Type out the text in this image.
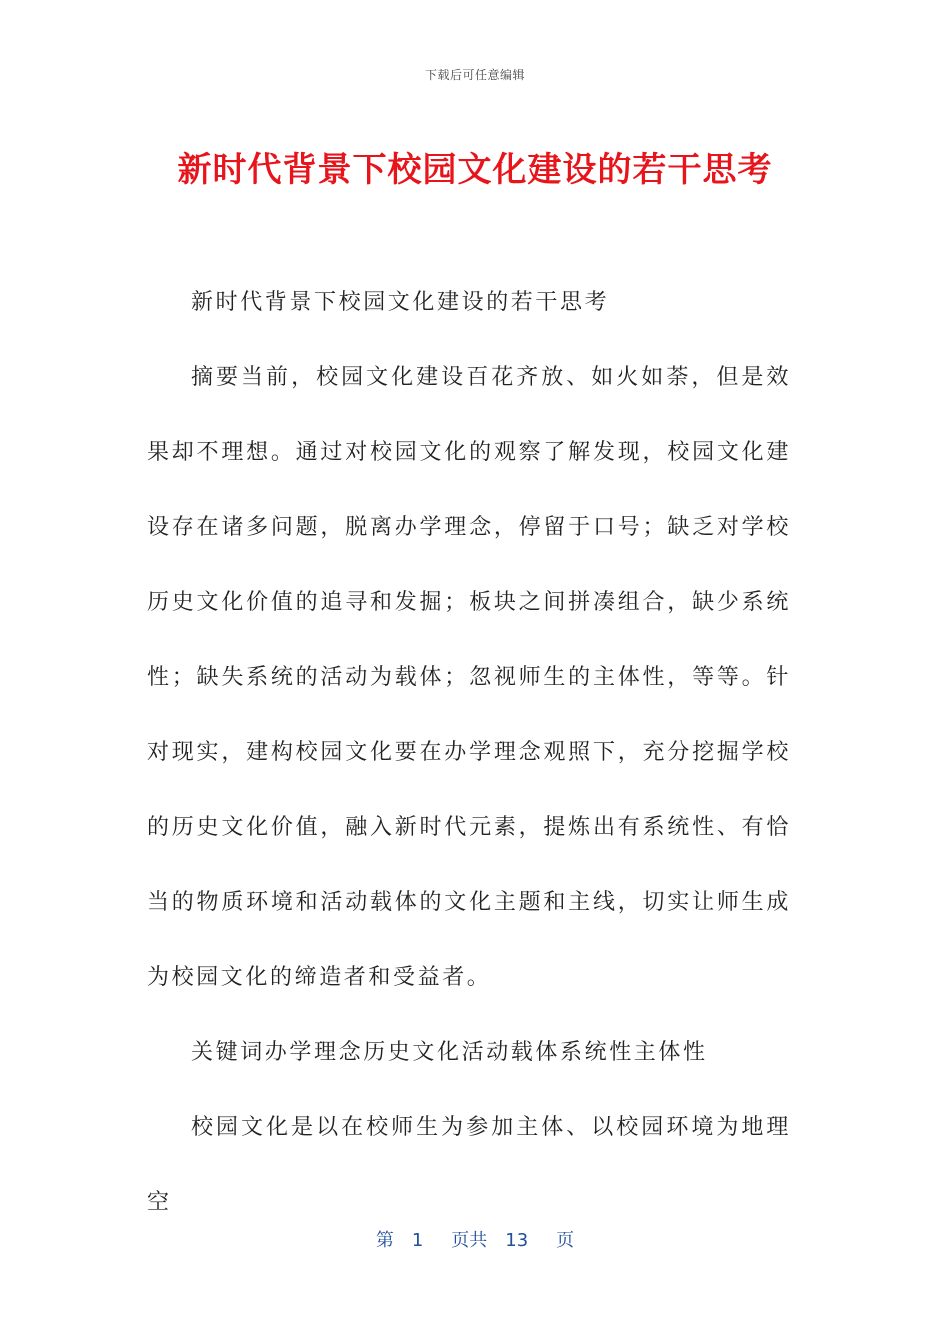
下载后可任意编辑
新时代背景下校园文化建设的若干思考

新时代背景下校园文化建设的若干思考

摘要当前，校园文化建设百花齐放、如火如荼，但是效果却不理想。通过对校园文化的观察了解发现，校园文化建设存在诸多问题，脱离办学理念，停留于口号；缺乏对学校历史文化价值的追寻和发掘；板块之间拼凑组合，缺少系统性；缺失系统的活动为载体；忽视师生的主体性，等等。针对现实，建构校园文化要在办学理念观照下，充分挖掘学校的历史文化价值，融入新时代元素，提炼出有系统性、有恰当的物质环境和活动载体的文化主题和主线，切实让师生成为校园文化的缔造者和受益者。

关键词办学理念历史文化活动载体系统性主体性

校园文化是以在校师生为参加主体、以校园环境为地理空

第 1 页共 13 页
